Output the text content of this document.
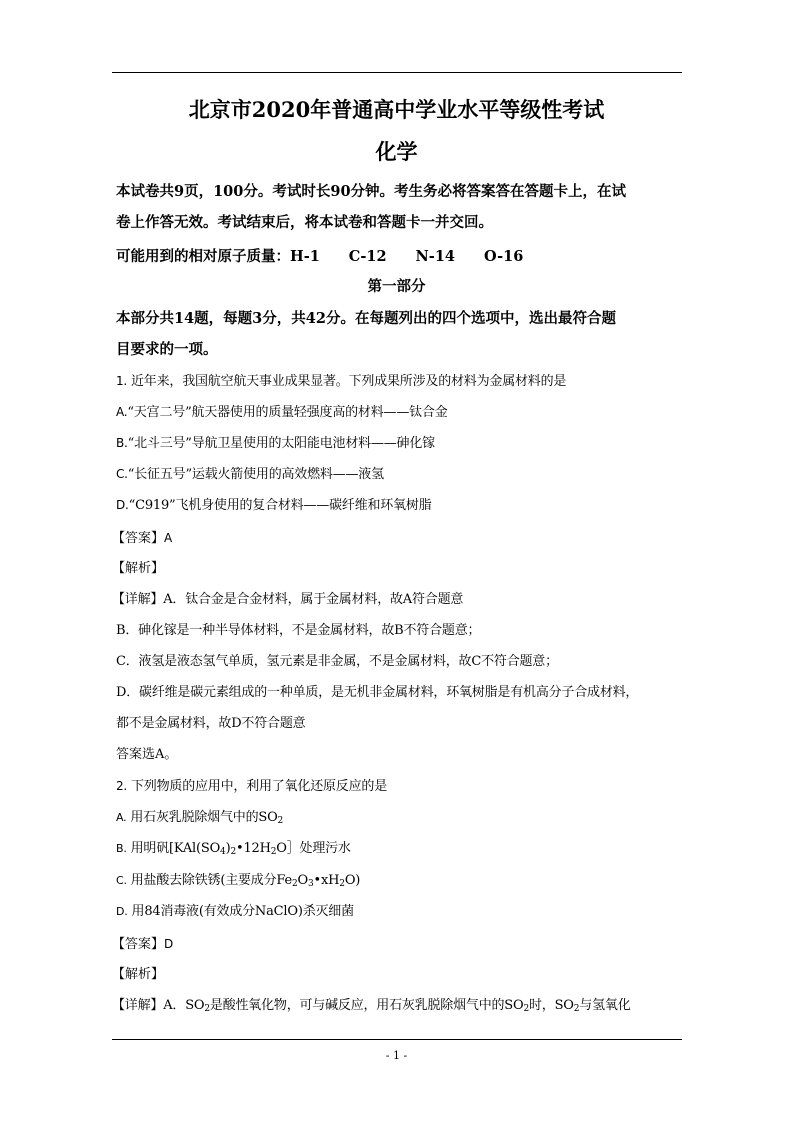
北京市2020年普通高中学业水平等级性考试
化学
本试卷共9页，100分。考试时长90分钟。考生务必将答案答在答题卡上，在试
卷上作答无效。考试结束后，将本试卷和答题卡一并交回。
可能用到的相对原子质量：H-1　　C-12　　N-14　　O-16
第一部分
本部分共14题，每题3分，共42分。在每题列出的四个选项中，选出最符合题
目要求的一项。
1. 近年来，我国航空航天事业成果显著。下列成果所涉及的材料为金属材料的是
A.“天宫二号”航天器使用的质量轻强度高的材料——钛合金
B.“北斗三号”导航卫星使用的太阳能电池材料——砷化镓
C.“长征五号”运载火箭使用的高效燃料——液氢
D.“C919”飞机身使用的复合材料——碳纤维和环氧树脂
【答案】A
【解析】
【详解】A．钛合金是合金材料，属于金属材料，故A符合题意
B．砷化镓是一种半导体材料，不是金属材料，故B不符合题意；
C．液氢是液态氢气单质，氢元素是非金属，不是金属材料，故C不符合题意；
D．碳纤维是碳元素组成的一种单质，是无机非金属材料，环氧树脂是有机高分子合成材料，
都不是金属材料，故D不符合题意
答案选A。
2. 下列物质的应用中，利用了氧化还原反应的是
A. 用石灰乳脱除烟气中的$SO_2$
B. 用明矾[$KAl(SO_4)_2•12H_2O]$处理污水
C. 用盐酸去除铁锈(主要成分$Fe_2O_3•xH_2O$)
D. 用84消毒液(有效成分NaClO)杀灭细菌
【答案】D
【解析】
【详解】A．$SO_2$是酸性氧化物，可与碱反应，用石灰乳脱除烟气中的$SO_2$时，$SO_2$与氢氧化
- 1 -
